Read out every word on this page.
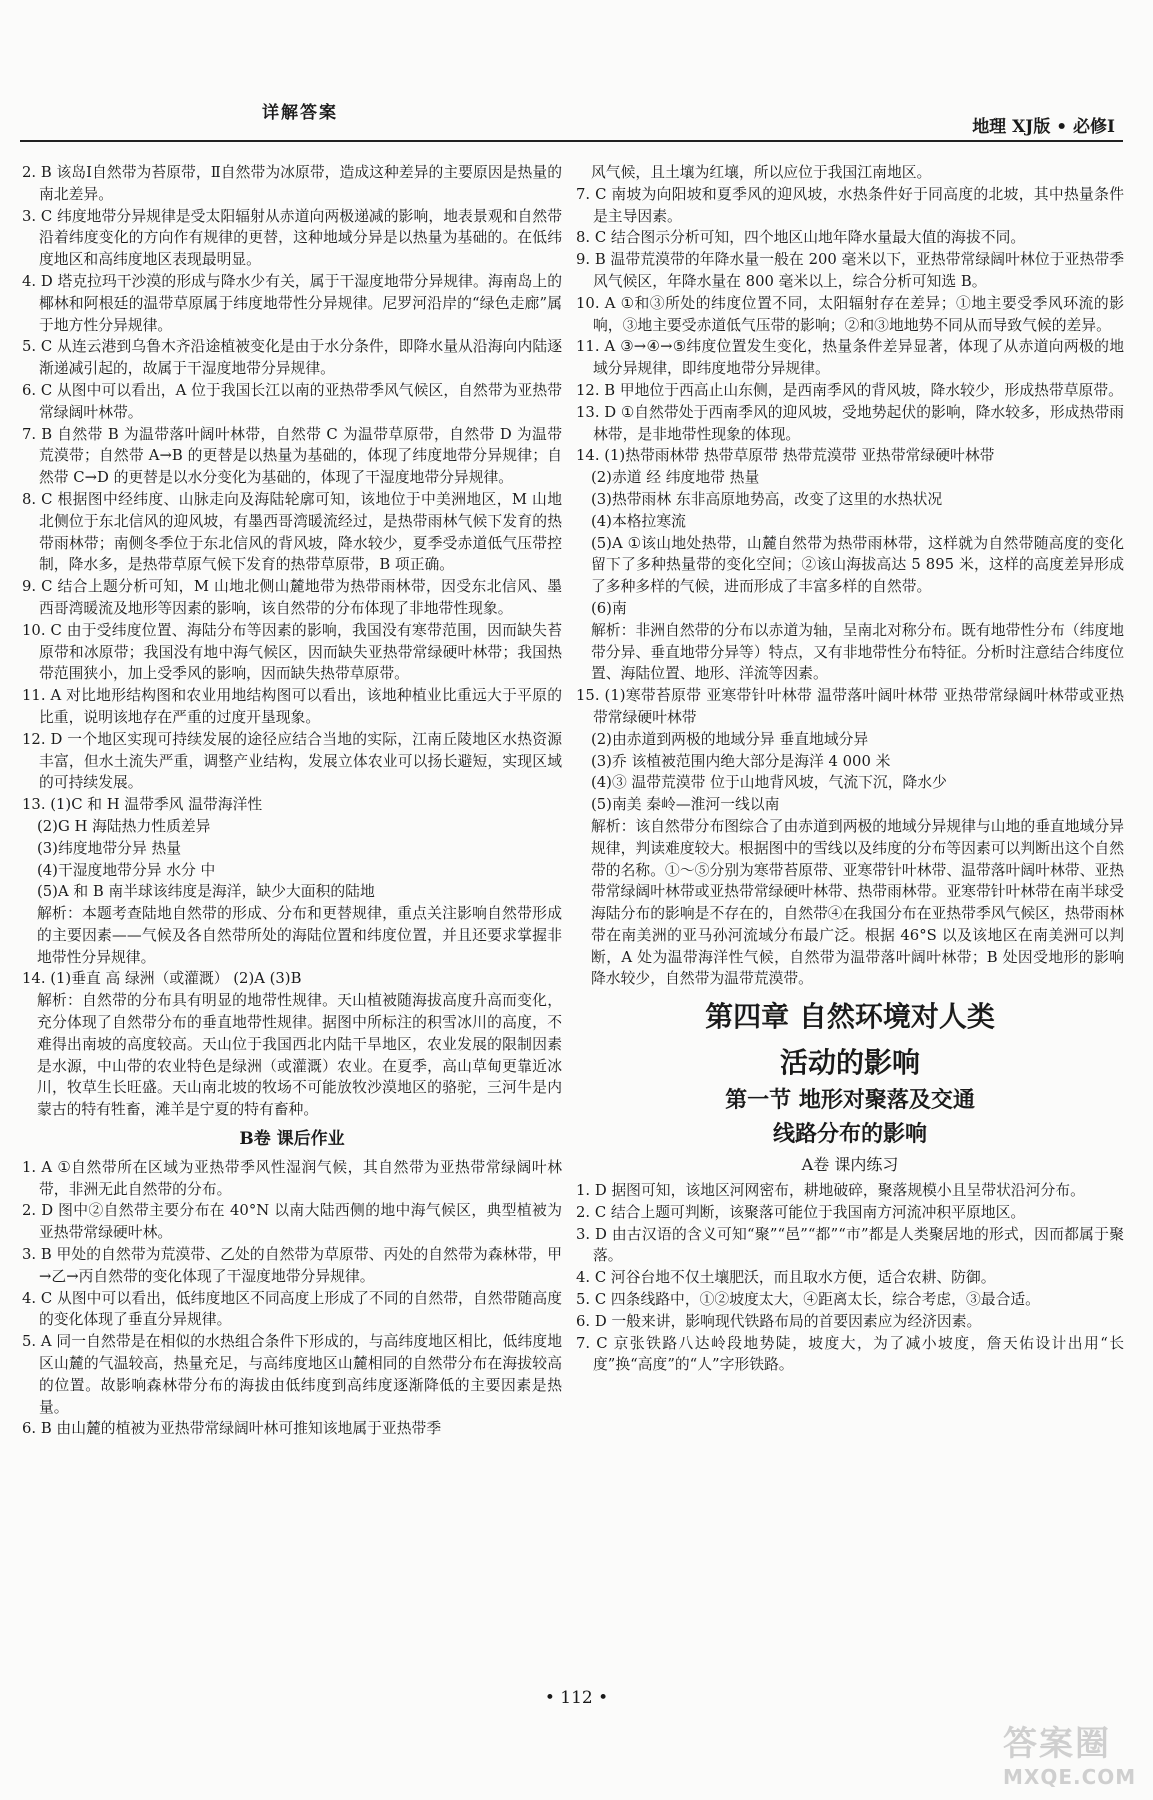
详解答案
地理 XJ版 • 必修Ⅰ

2. B 该岛Ⅰ自然带为苔原带，Ⅱ自然带为冰原带，造成这种差异的主要原因是热量的南北差异。

3. C 纬度地带分异规律是受太阳辐射从赤道向两极递减的影响，地表景观和自然带沿着纬度变化的方向作有规律的更替，这种地域分异是以热量为基础的。在低纬度地区和高纬度地区表现最明显。

4. D 塔克拉玛干沙漠的形成与降水少有关，属于干湿度地带分异规律。海南岛上的椰林和阿根廷的温带草原属于纬度地带性分异规律。尼罗河沿岸的“绿色走廊”属于地方性分异规律。

5. C 从连云港到乌鲁木齐沿途植被变化是由于水分条件，即降水量从沿海向内陆逐渐递减引起的，故属于干湿度地带分异规律。

6. C 从图中可以看出，A 位于我国长江以南的亚热带季风气候区，自然带为亚热带常绿阔叶林带。

7. B 自然带 B 为温带落叶阔叶林带，自然带 C 为温带草原带，自然带 D 为温带荒漠带；自然带 A→B 的更替是以热量为基础的，体现了纬度地带分异规律；自然带 C→D 的更替是以水分变化为基础的，体现了干湿度地带分异规律。

8. C 根据图中经纬度、山脉走向及海陆轮廓可知，该地位于中美洲地区，M 山地北侧位于东北信风的迎风坡，有墨西哥湾暖流经过，是热带雨林气候下发育的热带雨林带；南侧冬季位于东北信风的背风坡，降水较少，夏季受赤道低气压带控制，降水多，是热带草原气候下发育的热带草原带，B 项正确。

9. C 结合上题分析可知，M 山地北侧山麓地带为热带雨林带，因受东北信风、墨西哥湾暖流及地形等因素的影响，该自然带的分布体现了非地带性现象。

10. C 由于受纬度位置、海陆分布等因素的影响，我国没有寒带范围，因而缺失苔原带和冰原带；我国没有地中海气候区，因而缺失亚热带常绿硬叶林带；我国热带范围狭小，加上受季风的影响，因而缺失热带草原带。

11. A 对比地形结构图和农业用地结构图可以看出，该地种植业比重远大于平原的比重，说明该地存在严重的过度开垦现象。

12. D 一个地区实现可持续发展的途径应结合当地的实际，江南丘陵地区水热资源丰富，但水土流失严重，调整产业结构，发展立体农业可以扬长避短，实现区域的可持续发展。

13. (1)C 和 H 温带季风 温带海洋性

(2)G H 海陆热力性质差异

(3)纬度地带分异 热量

(4)干湿度地带分异 水分 中

(5)A 和 B 南半球该纬度是海洋，缺少大面积的陆地

解析：本题考查陆地自然带的形成、分布和更替规律，重点关注影响自然带形成的主要因素——气候及各自然带所处的海陆位置和纬度位置，并且还要求掌握非地带性分异规律。

14. (1)垂直 高 绿洲（或灌溉） (2)A (3)B

解析：自然带的分布具有明显的地带性规律。天山植被随海拔高度升高而变化，充分体现了自然带分布的垂直地带性规律。据图中所标注的积雪冰川的高度，不难得出南坡的高度较高。天山位于我国西北内陆干旱地区，农业发展的限制因素是水源，中山带的农业特色是绿洲（或灌溉）农业。在夏季，高山草甸更靠近冰川，牧草生长旺盛。天山南北坡的牧场不可能放牧沙漠地区的骆驼，三河牛是内蒙古的特有牲畜，滩羊是宁夏的特有畜种。

B卷 课后作业

1. A ①自然带所在区域为亚热带季风性湿润气候，其自然带为亚热带常绿阔叶林带，非洲无此自然带的分布。

2. D 图中②自然带主要分布在 40°N 以南大陆西侧的地中海气候区，典型植被为亚热带常绿硬叶林。

3. B 甲处的自然带为荒漠带、乙处的自然带为草原带、丙处的自然带为森林带，甲→乙→丙自然带的变化体现了干湿度地带分异规律。

4. C 从图中可以看出，低纬度地区不同高度上形成了不同的自然带，自然带随高度的变化体现了垂直分异规律。

5. A 同一自然带是在相似的水热组合条件下形成的，与高纬度地区相比，低纬度地区山麓的气温较高，热量充足，与高纬度地区山麓相同的自然带分布在海拔较高的位置。故影响森林带分布的海拔由低纬度到高纬度逐渐降低的主要因素是热量。

6. B 由山麓的植被为亚热带常绿阔叶林可推知该地属于亚热带季

风气候，且土壤为红壤，所以应位于我国江南地区。

7. C 南坡为向阳坡和夏季风的迎风坡，水热条件好于同高度的北坡，其中热量条件是主导因素。

8. C 结合图示分析可知，四个地区山地年降水量最大值的海拔不同。

9. B 温带荒漠带的年降水量一般在 200 毫米以下，亚热带常绿阔叶林位于亚热带季风气候区，年降水量在 800 毫米以上，综合分析可知选 B。

10. A ①和③所处的纬度位置不同，太阳辐射存在差异；①地主要受季风环流的影响，③地主要受赤道低气压带的影响；②和③地地势不同从而导致气候的差异。

11. A ③→④→⑤纬度位置发生变化，热量条件差异显著，体现了从赤道向两极的地域分异规律，即纬度地带分异规律。

12. B 甲地位于西高止山东侧，是西南季风的背风坡，降水较少，形成热带草原带。

13. D ①自然带处于西南季风的迎风坡，受地势起伏的影响，降水较多，形成热带雨林带，是非地带性现象的体现。

14. (1)热带雨林带 热带草原带 热带荒漠带 亚热带常绿硬叶林带

(2)赤道 经 纬度地带 热量

(3)热带雨林 东非高原地势高，改变了这里的水热状况

(4)本格拉寒流

(5)A ①该山地处热带，山麓自然带为热带雨林带，这样就为自然带随高度的变化留下了多种热量带的变化空间；②该山海拔高达 5 895 米，这样的高度差异形成了多种多样的气候，进而形成了丰富多样的自然带。

(6)南

解析：非洲自然带的分布以赤道为轴，呈南北对称分布。既有地带性分布（纬度地带分异、垂直地带分异等）特点，又有非地带性分布特征。分析时注意结合纬度位置、海陆位置、地形、洋流等因素。

15. (1)寒带苔原带 亚寒带针叶林带 温带落叶阔叶林带 亚热带常绿阔叶林带或亚热带常绿硬叶林带

(2)由赤道到两极的地域分异 垂直地域分异

(3)乔 该植被范围内绝大部分是海洋 4 000 米

(4)③ 温带荒漠带 位于山地背风坡，气流下沉，降水少

(5)南美 秦岭—淮河一线以南

解析：该自然带分布图综合了由赤道到两极的地域分异规律与山地的垂直地域分异规律，判读难度较大。根据图中的雪线以及纬度的分布等因素可以判断出这个自然带的名称。①～⑤分别为寒带苔原带、亚寒带针叶林带、温带落叶阔叶林带、亚热带常绿阔叶林带或亚热带常绿硬叶林带、热带雨林带。亚寒带针叶林带在南半球受海陆分布的影响是不存在的，自然带④在我国分布在亚热带季风气候区，热带雨林带在南美洲的亚马孙河流域分布最广泛。根据 46°S 以及该地区在南美洲可以判断，A 处为温带海洋性气候，自然带为温带落叶阔叶林带；B 处因受地形的影响降水较少，自然带为温带荒漠带。

第四章 自然环境对人类
活动的影响
第一节 地形对聚落及交通
线路分布的影响
A卷 课内练习

1. D 据图可知，该地区河网密布，耕地破碎，聚落规模小且呈带状沿河分布。

2. C 结合上题可判断，该聚落可能位于我国南方河流冲积平原地区。

3. D 由古汉语的含义可知“聚”“邑”“都”“市”都是人类聚居地的形式，因而都属于聚落。

4. C 河谷台地不仅土壤肥沃，而且取水方便，适合农耕、防御。

5. C 四条线路中，①②坡度太大，④距离太长，综合考虑，③最合适。

6. D 一般来讲，影响现代铁路布局的首要因素应为经济因素。

7. C 京张铁路八达岭段地势陡，坡度大，为了减小坡度，詹天佑设计出用“长度”换“高度”的“人”字形铁路。

• 112 •
答案圈
MXQE.COM
